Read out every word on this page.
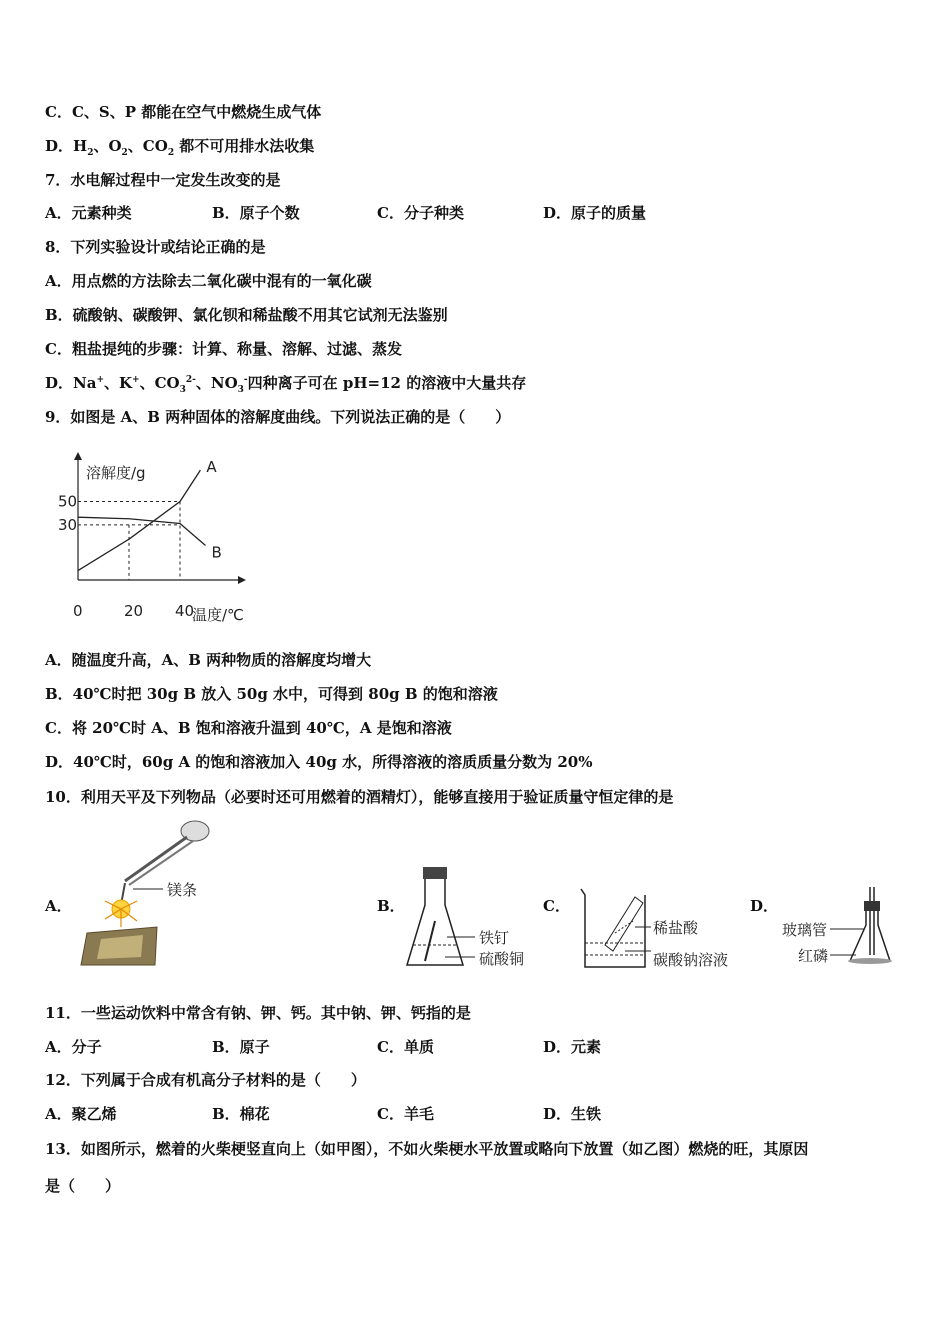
C．C、S、P 都能在空气中燃烧生成气体
D．$H_2$、$O_2$、$CO_2$ 都不可用排水法收集
7．水电解过程中一定发生改变的是
A．元素种类	B．原子个数	C．分子种类	D．原子的质量
8．下列实验设计或结论正确的是
A．用点燃的方法除去二氧化碳中混有的一氧化碳
B．硫酸钠、碳酸钾、氯化钡和稀盐酸不用其它试剂无法鉴别
C．粗盐提纯的步骤：计算、称量、溶解、过滤、蒸发
D．Na+、K+、$CO_3^{2-}$、$NO_3^-$四种离子可在 pH=12 的溶液中大量共存
9．如图是 A、B 两种固体的溶解度曲线。下列说法正确的是（　　）
溶解度/g
温度/℃
A
B
0	20 40
30
50
A．随温度升高，A、B 两种物质的溶解度均增大
B．40℃时把 30g B 放入 50g 水中，可得到 80g B 的饱和溶液
C．将 20℃时 A、B 饱和溶液升温到 40℃，A 是饱和溶液
D．40℃时，60g A 的饱和溶液加入 40g 水，所得溶液的溶质质量分数为 20%
10．利用天平及下列物品（必要时还可用燃着的酒精灯），能够直接用于验证质量守恒定律的是
A．	B．	C．	D．
镁条
铁钉
硫酸铜
稀盐酸
碳酸钠溶液
玻璃管
红磷
11．一些运动饮料中常含有钠、钾、钙。其中钠、钾、钙指的是
A．分子	B．原子	C．单质	D．元素
12．下列属于合成有机高分子材料的是（　　）
A．聚乙烯	B．棉花	C．羊毛	D．生铁
13．如图所示，燃着的火柴梗竖直向上（如甲图），不如火柴梗水平放置或略向下放置（如乙图）燃烧的旺，其原因
是（　　）
